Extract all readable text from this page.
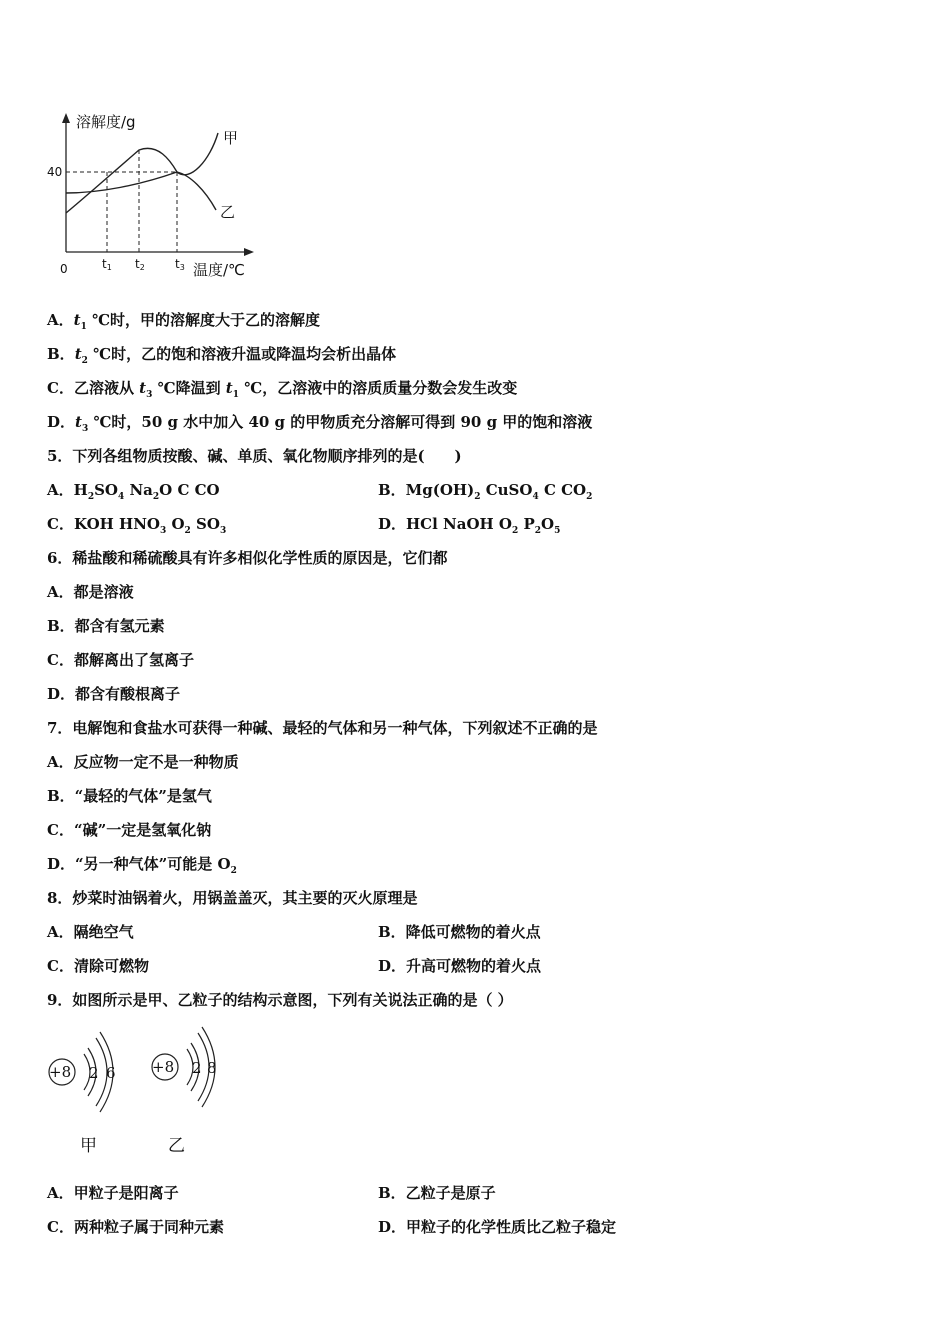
溶解度/g
甲
乙
40
0	t1 t2	t3 温度/℃
A．$t_1$ ℃时，甲的溶解度大于乙的溶解度
B．$t_2$ ℃时，乙的饱和溶液升温或降温均会析出晶体
C．乙溶液从 $t_3$ ℃降温到 $t_1$ ℃，乙溶液中的溶质质量分数会发生改变
D．$t_3$ ℃时，50 g 水中加入 40 g 的甲物质充分溶解可得到 90 g 甲的饱和溶液
5．下列各组物质按酸、碱、单质、氧化物顺序排列的是(　　)
A．$H_2SO_4$ $Na_2O$ C CO	B．$Mg(OH)_2$ CuSO$_4$ C $CO_2$
C．KOH $HNO_3$ $O_2$ $SO_3$	D．HCl NaOH $O_2$ $P_2O_5$
6．稀盐酸和稀硫酸具有许多相似化学性质的原因是，它们都
A．都是溶液
B．都含有氢元素
C．都解离出了氢离子
D．都含有酸根离子
7．电解饱和食盐水可获得一种碱、最轻的气体和另一种气体，下列叙述不正确的是
A．反应物一定不是一种物质
B．“最轻的气体”是氢气
C．“碱”一定是氢氧化钠
D．“另一种气体”可能是 $O_2$
8．炒菜时油锅着火，用锅盖盖灭，其主要的灭火原理是
A．隔绝空气	B．降低可燃物的着火点
C．清除可燃物	D．升高可燃物的着火点
9．如图所示是甲、乙粒子的结构示意图，下列有关说法正确的是（ ）
+8 2 6 +8 2 8
甲	乙
A．甲粒子是阳离子	B．乙粒子是原子
C．两种粒子属于同种元素	D．甲粒子的化学性质比乙粒子稳定
